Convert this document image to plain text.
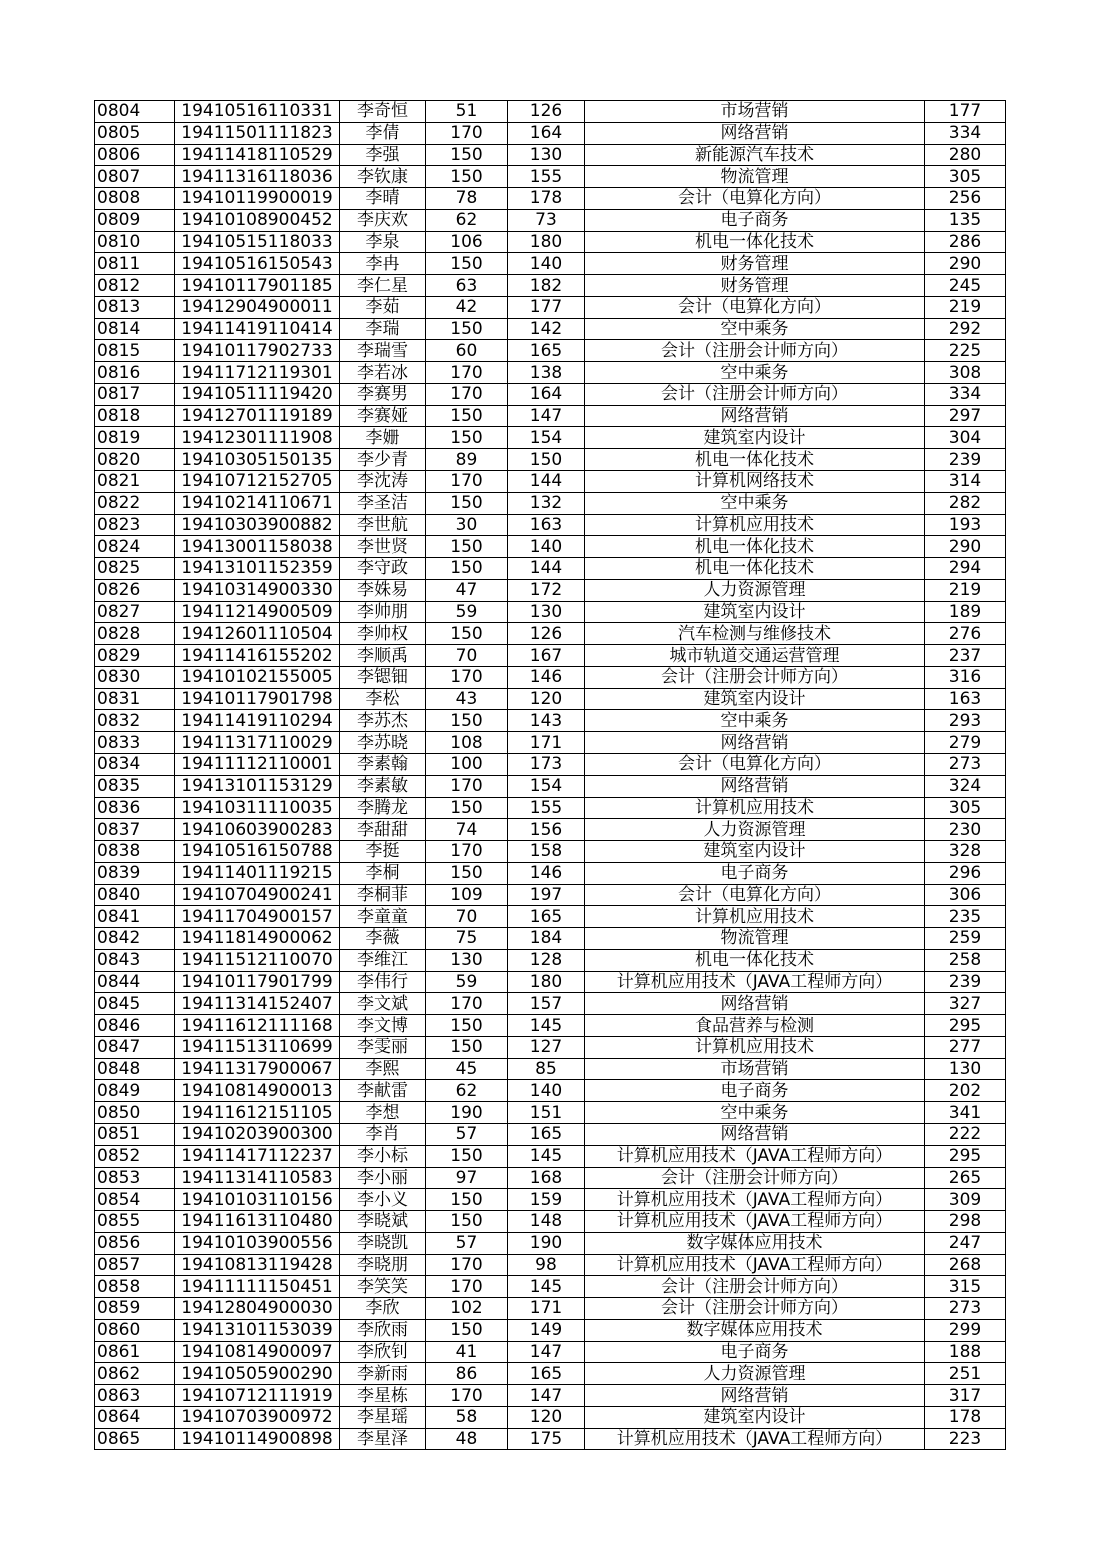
0804	19410516110331	李奇恒	51	126	市场营销	177
0805	19411501111823	李倩	170	164	网络营销	334
0806	19411418110529	李强	150	130	新能源汽车技术	280
0807	19411316118036	李钦康	150	155	物流管理	305
0808	19410119900019	李晴	78	178	会计（电算化方向）	256
0809	19410108900452	李庆欢	62	73	电子商务	135
0810	19410515118033	李泉	106	180	机电一体化技术	286
0811	19410516150543	李冉	150	140	财务管理	290
0812	19410117901185	李仁星	63	182	财务管理	245
0813	19412904900011	李茹	42	177	会计（电算化方向）	219
0814	19411419110414	李瑞	150	142	空中乘务	292
0815	19410117902733	李瑞雪	60	165	会计（注册会计师方向）	225
0816	19411712119301	李若冰	170	138	空中乘务	308
0817	19410511119420	李赛男	170	164	会计（注册会计师方向）	334
0818	19412701119189	李赛娅	150	147	网络营销	297
0819	19412301111908	李姗	150	154	建筑室内设计	304
0820	19410305150135	李少青	89	150	机电一体化技术	239
0821	19410712152705	李沈涛	170	144	计算机网络技术	314
0822	19410214110671	李圣洁	150	132	空中乘务	282
0823	19410303900882	李世航	30	163	计算机应用技术	193
0824	19413001158038	李世贤	150	140	机电一体化技术	290
0825	19413101152359	李守政	150	144	机电一体化技术	294
0826	19410314900330	李姝易	47	172	人力资源管理	219
0827	19411214900509	李帅朋	59	130	建筑室内设计	189
0828	19412601110504	李帅权	150	126	汽车检测与维修技术	276
0829	19411416155202	李顺禹	70	167	城市轨道交通运营管理	237
0830	19410102155005	李锶钿	170	146	会计（注册会计师方向）	316
0831	19410117901798	李松	43	120	建筑室内设计	163
0832	19411419110294	李苏杰	150	143	空中乘务	293
0833	19411317110029	李苏晓	108	171	网络营销	279
0834	19411112110001	李素翰	100	173	会计（电算化方向）	273
0835	19413101153129	李素敏	170	154	网络营销	324
0836	19410311110035	李腾龙	150	155	计算机应用技术	305
0837	19410603900283	李甜甜	74	156	人力资源管理	230
0838	19410516150788	李挺	170	158	建筑室内设计	328
0839	19411401119215	李桐	150	146	电子商务	296
0840	19410704900241	李桐菲	109	197	会计（电算化方向）	306
0841	19411704900157	李童童	70	165	计算机应用技术	235
0842	19411814900062	李薇	75	184	物流管理	259
0843	19411512110070	李维江	130	128	机电一体化技术	258
0844	19410117901799	李伟行	59	180	计算机应用技术（JAVA工程师方向）	239
0845	19411314152407	李文斌	170	157	网络营销	327
0846	19411612111168	李文博	150	145	食品营养与检测	295
0847	19411513110699	李雯丽	150	127	计算机应用技术	277
0848	19411317900067	李熙	45	85	市场营销	130
0849	19410814900013	李献雷	62	140	电子商务	202
0850	19411612151105	李想	190	151	空中乘务	341
0851	19410203900300	李肖	57	165	网络营销	222
0852	19411417112237	李小标	150	145	计算机应用技术（JAVA工程师方向）	295
0853	19411314110583	李小丽	97	168	会计（注册会计师方向）	265
0854	19410103110156	李小义	150	159	计算机应用技术（JAVA工程师方向）	309
0855	19411613110480	李晓斌	150	148	计算机应用技术（JAVA工程师方向）	298
0856	19410103900556	李晓凯	57	190	数字媒体应用技术	247
0857	19410813119428	李晓朋	170	98	计算机应用技术（JAVA工程师方向）	268
0858	19411111150451	李笑笑	170	145	会计（注册会计师方向）	315
0859	19412804900030	李欣	102	171	会计（注册会计师方向）	273
0860	19413101153039	李欣雨	150	149	数字媒体应用技术	299
0861	19410814900097	李欣钊	41	147	电子商务	188
0862	19410505900290	李新雨	86	165	人力资源管理	251
0863	19410712111919	李星栋	170	147	网络营销	317
0864	19410703900972	李星瑶	58	120	建筑室内设计	178
0865	19410114900898	李星泽	48	175	计算机应用技术（JAVA工程师方向）	223
